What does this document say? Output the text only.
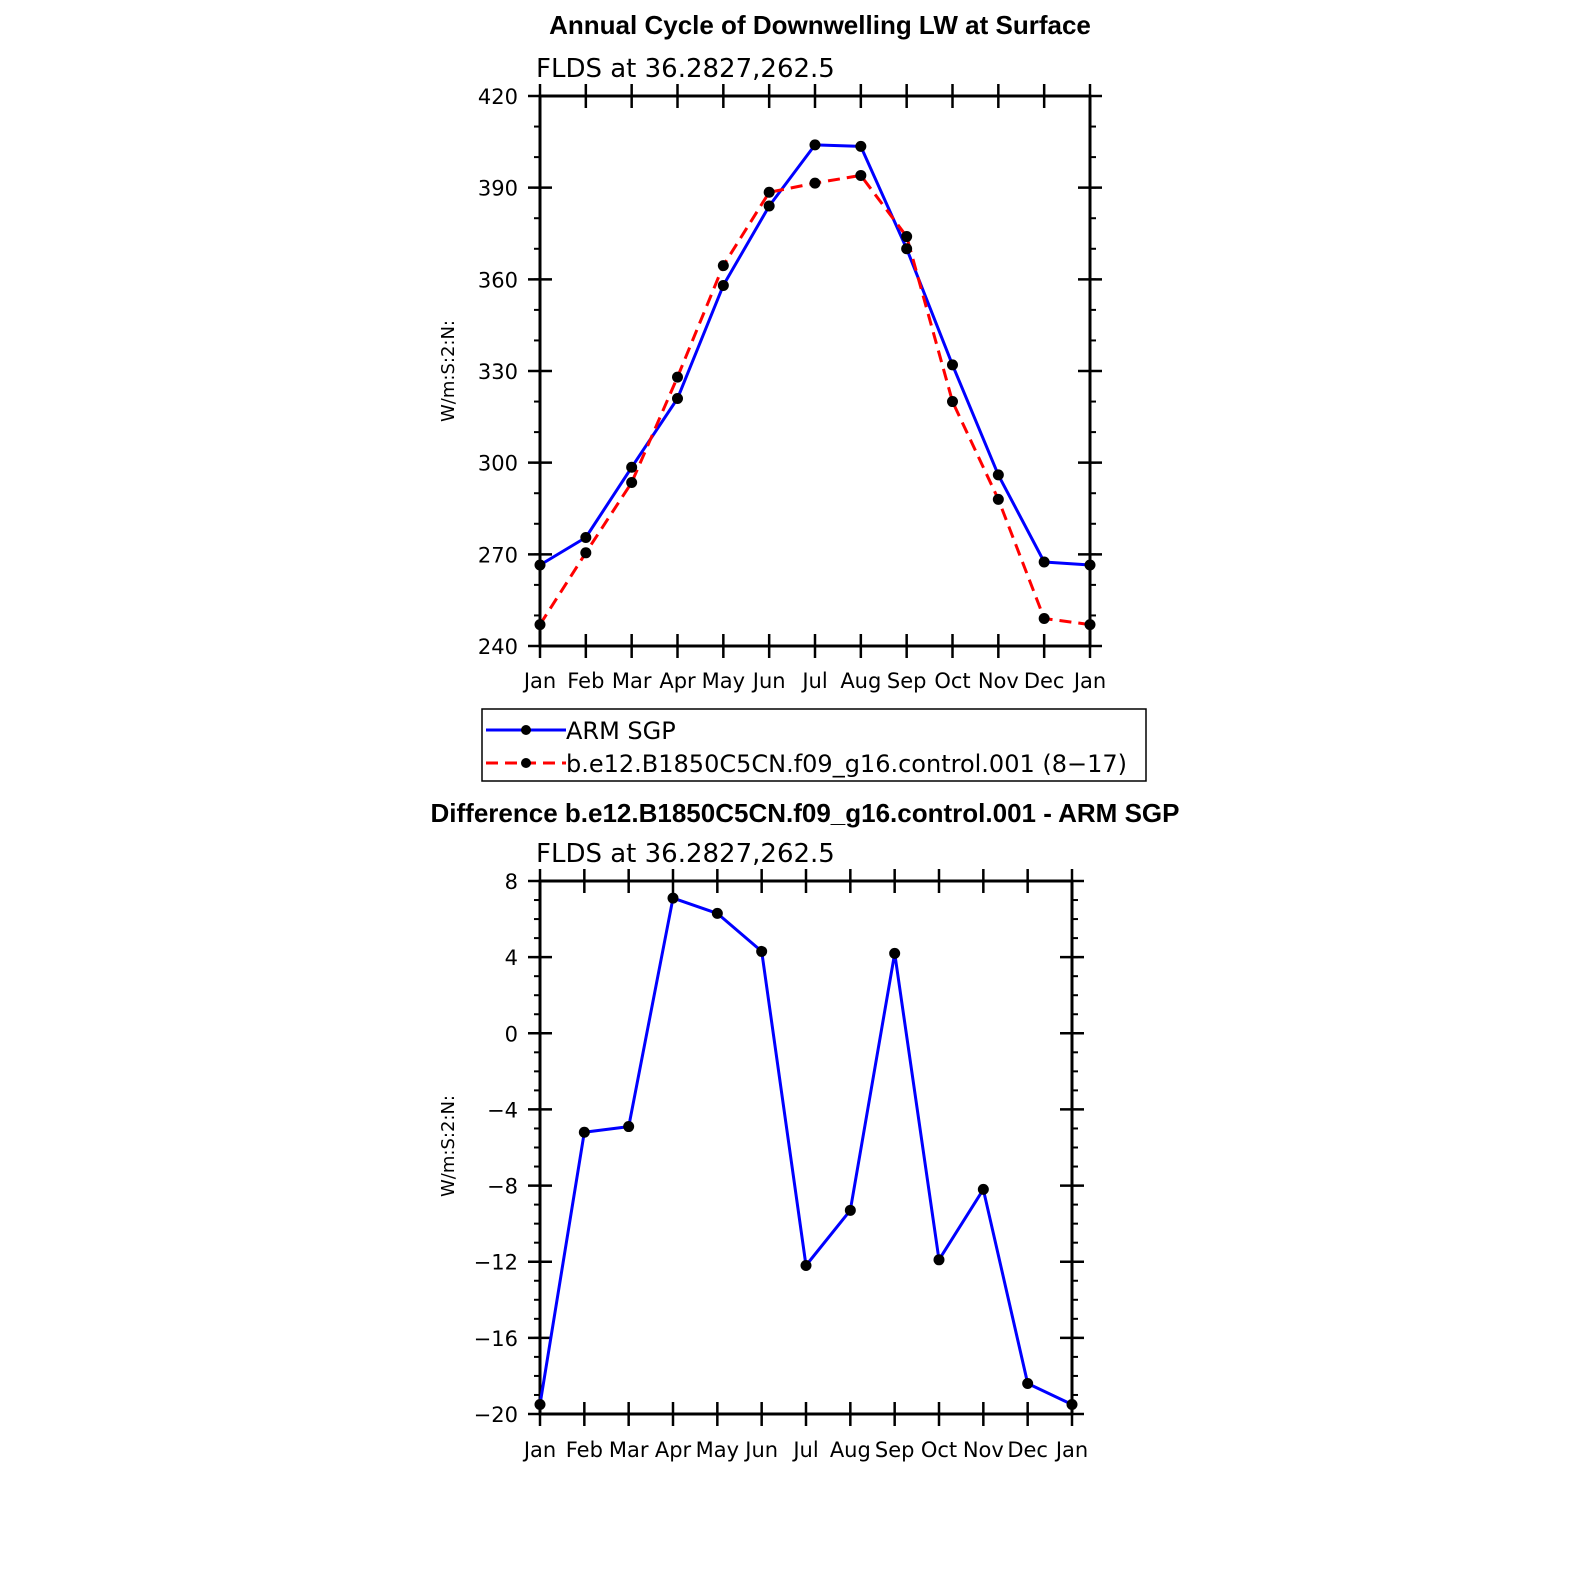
Annual Cycle of Downwelling LW at Surface
FLDS at 36.2827,262.5
W/m:S:2:N:
420
390
360
330
300
270
240
Jan Feb Mar Apr May Jun Jul Aug Sep Oct Nov Dec Jan
ARM SGP
b.e12.B1850C5CN.f09_g16.control.001 (8−17)
Difference b.e12.B1850C5CN.f09_g16.control.001 - ARM SGP
FLDS at 36.2827,262.5
W/m:S:2:N:
8
4
0
−4
−8
−12
−16
−20
Jan Feb Mar Apr May Jun Jul Aug Sep Oct Nov Dec Jan
